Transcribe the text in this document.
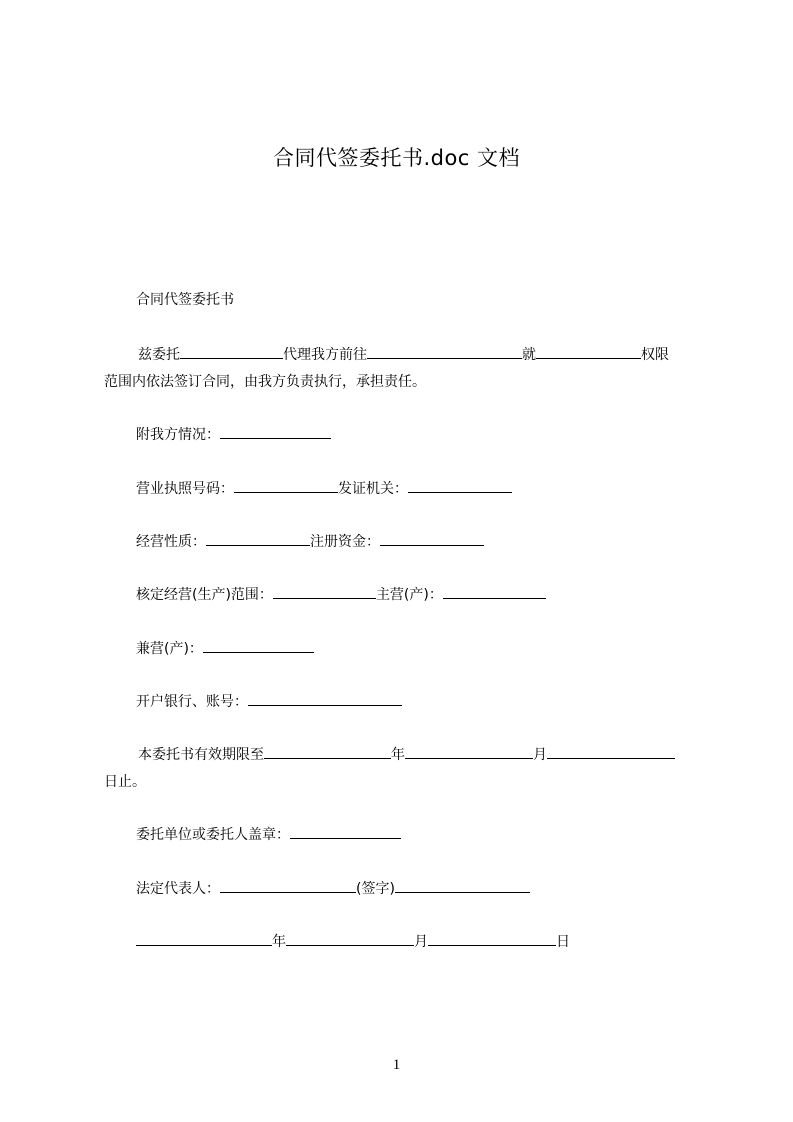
合同代签委托书.doc 文档
合同代签委托书
兹委托	代理我方前往	就	权限
范围内依法签订合同，由我方负责执行，承担责任。
附我方情况：
营业执照号码：	发证机关：
经营性质：	注册资金：
核定经营(生产)范围：	主营(产)：
兼营(产)：
开户银行、账号：
本委托书有效期限至	年	月
日止。
委托单位或委托人盖章：
法定代表人：	(签字)
年	月	日
1
